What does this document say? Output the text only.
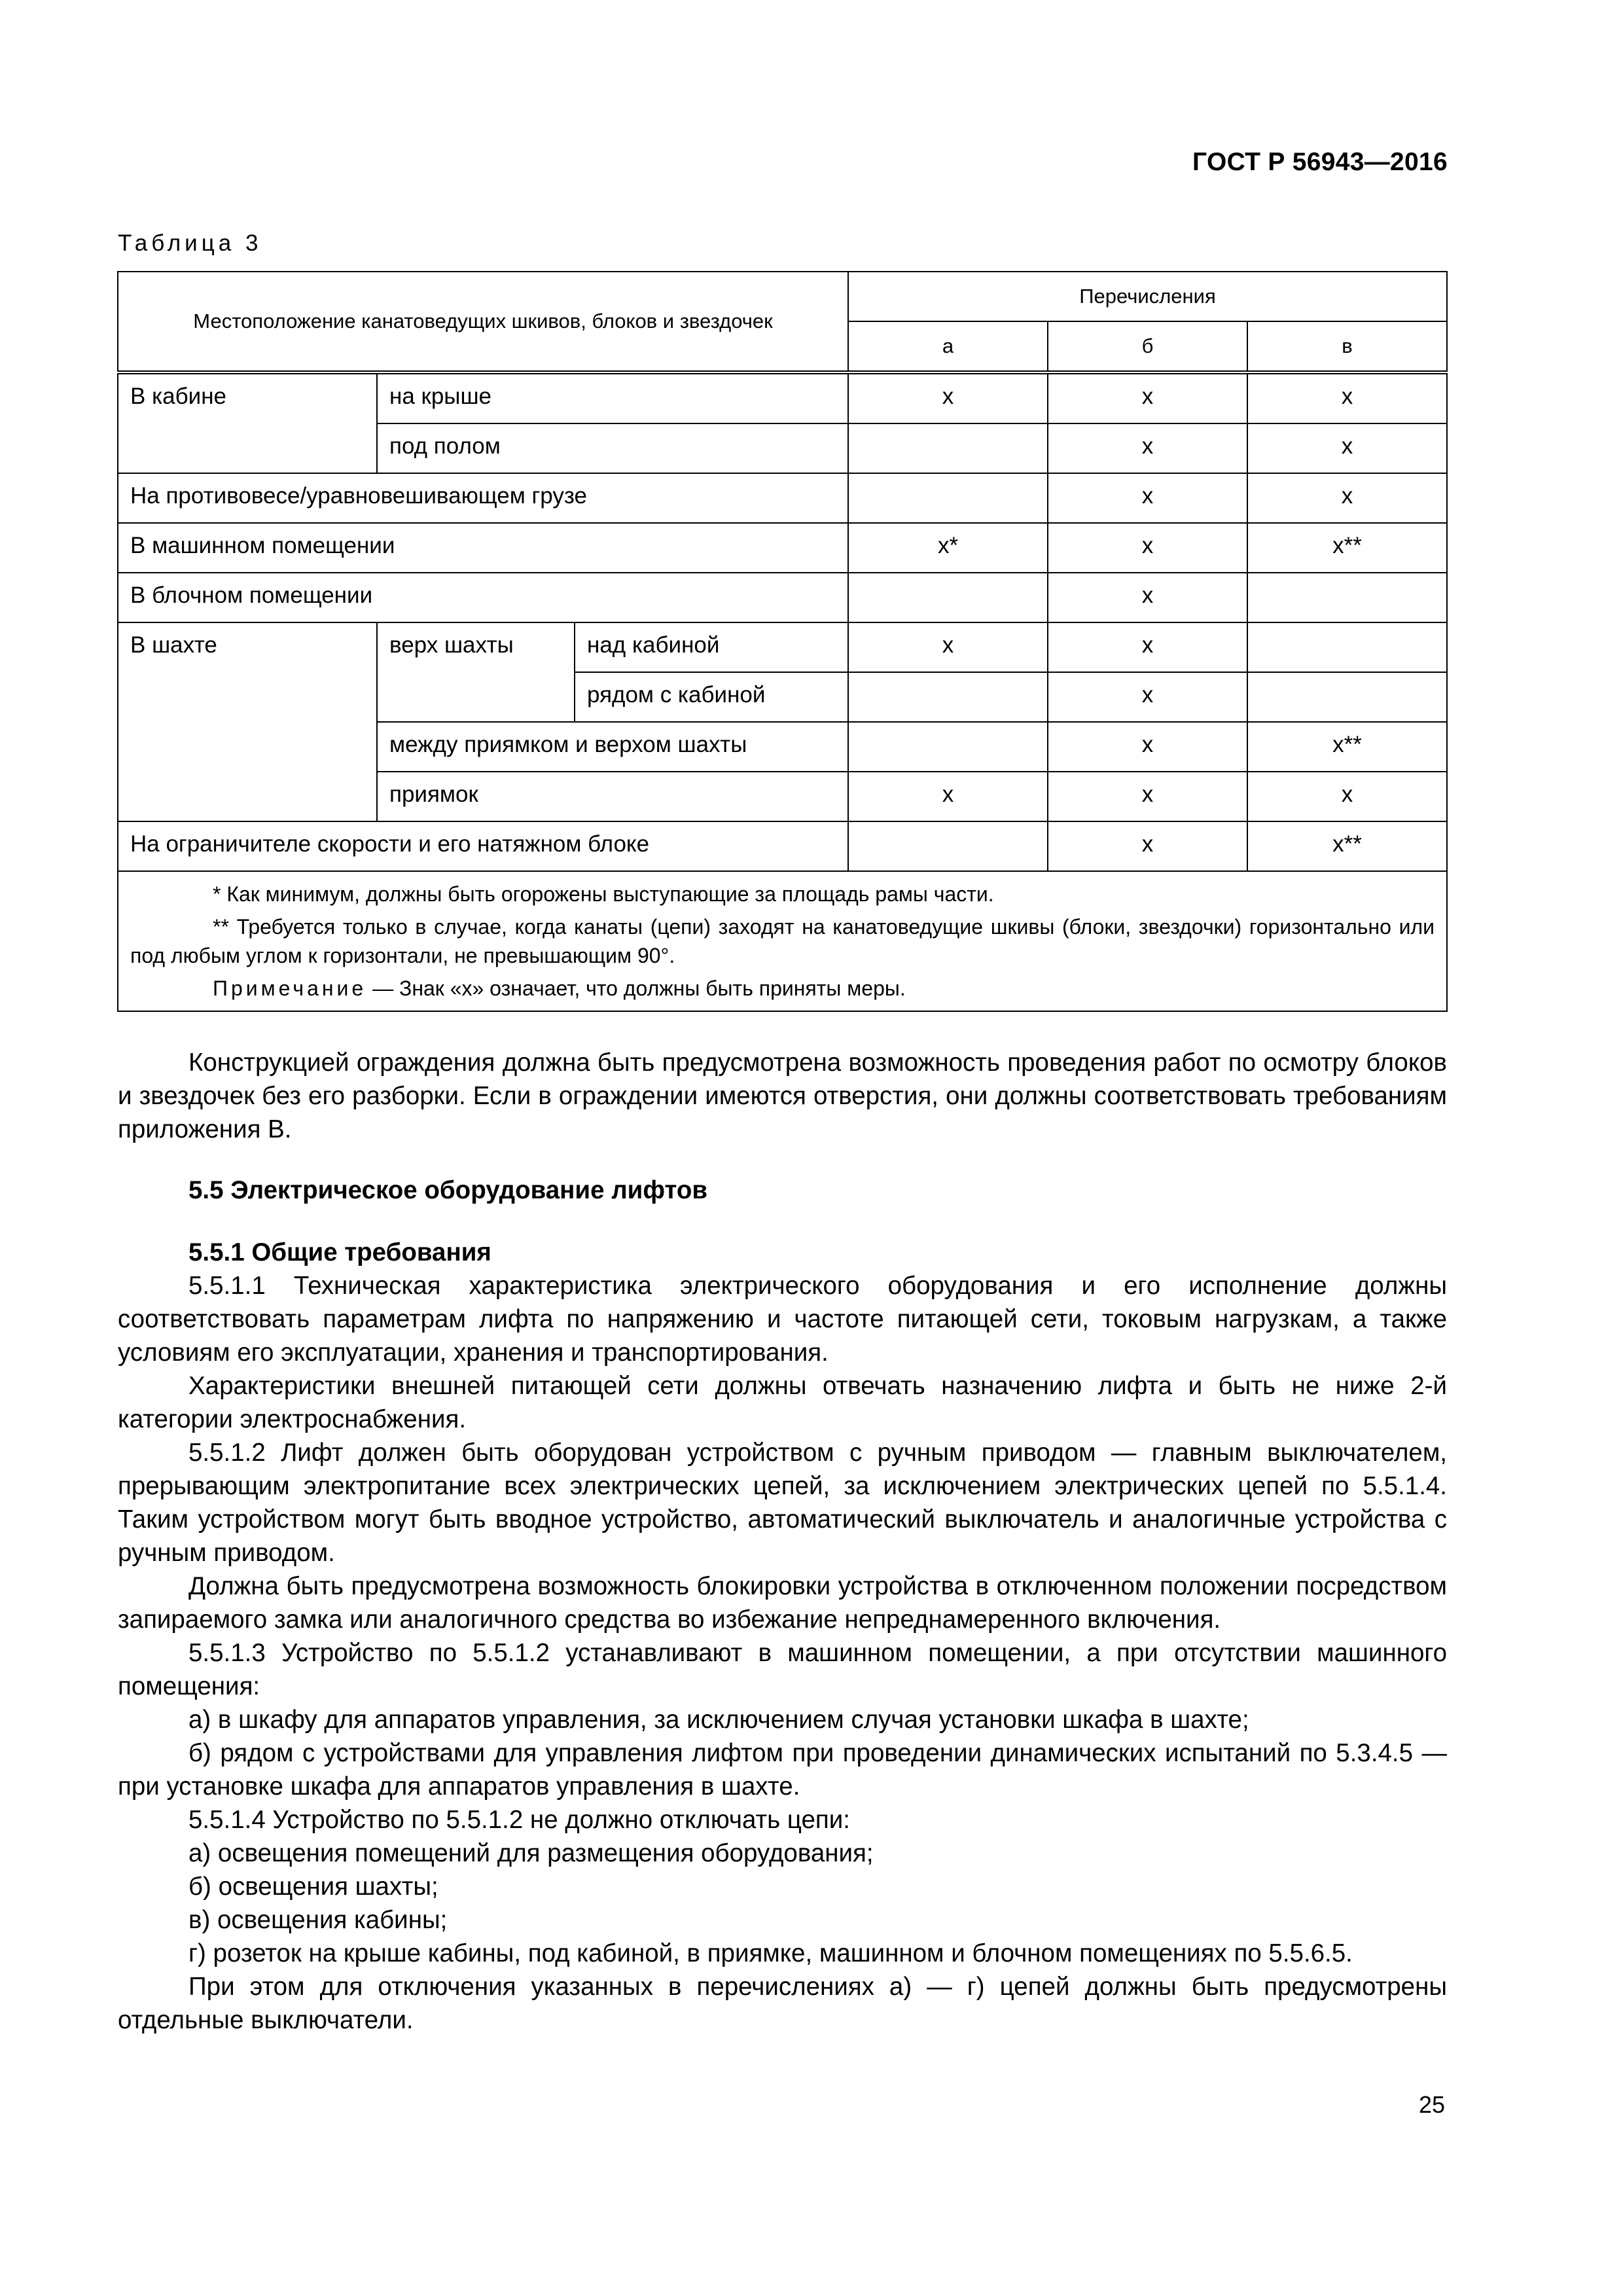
ГОСТ Р 56943—2016
Таблица 3
Местоположение канатоведущих шкивов, блоков и звездочек			Перечисления		
			а	б	в
В кабине	на крыше		x	x	x
	под полом			x	x
На противовесе/уравновешивающем грузе				x	x
В машинном помещении			x*	x	x**
В блочном помещении				x	
В шахте	верх шахты	над кабиной	x	x	
		рядом с кабиной		x	
	между приямком и верхом шахты			x	x**
	приямок		x	x	x
На ограничителе скорости и его натяжном блоке				x	x**

* Как минимум, должны быть огорожены выступающие за площадь рамы части.
** Требуется только в случае, когда канаты (цепи) заходят на канатоведущие шкивы (блоки, звездочки) горизонтально или под любым углом к горизонтали, не превышающим 90°.
Примечание — Знак «х» означает, что должны быть приняты меры.					

Конструкцией ограждения должна быть предусмотрена возможность проведения работ по осмотру блоков и звездочек без его разборки. Если в ограждении имеются отверстия, они должны соответствовать требованиям приложения В.

5.5 Электрическое оборудование лифтов

5.5.1 Общие требования

5.5.1.1 Техническая характеристика электрического оборудования и его исполнение должны соответствовать параметрам лифта по напряжению и частоте питающей сети, токовым нагрузкам, а также условиям его эксплуатации, хранения и транспортирования.

Характеристики внешней питающей сети должны отвечать назначению лифта и быть не ниже 2-й категории электроснабжения.

5.5.1.2 Лифт должен быть оборудован устройством с ручным приводом — главным выключателем, прерывающим электропитание всех электрических цепей, за исключением электрических цепей по 5.5.1.4. Таким устройством могут быть вводное устройство, автоматический выключатель и аналогичные устройства с ручным приводом.

Должна быть предусмотрена возможность блокировки устройства в отключенном положении посредством запираемого замка или аналогичного средства во избежание непреднамеренного включения.

5.5.1.3 Устройство по 5.5.1.2 устанавливают в машинном помещении, а при отсутствии машинного помещения:

а) в шкафу для аппаратов управления, за исключением случая установки шкафа в шахте;

б) рядом с устройствами для управления лифтом при проведении динамических испытаний по 5.3.4.5 — при установке шкафа для аппаратов управления в шахте.

5.5.1.4 Устройство по 5.5.1.2 не должно отключать цепи:

а) освещения помещений для размещения оборудования;

б) освещения шахты;

в) освещения кабины;

г) розеток на крыше кабины, под кабиной, в приямке, машинном и блочном помещениях по 5.5.6.5.

При этом для отключения указанных в перечислениях а) — г) цепей должны быть предусмотрены отдельные выключатели.

25
